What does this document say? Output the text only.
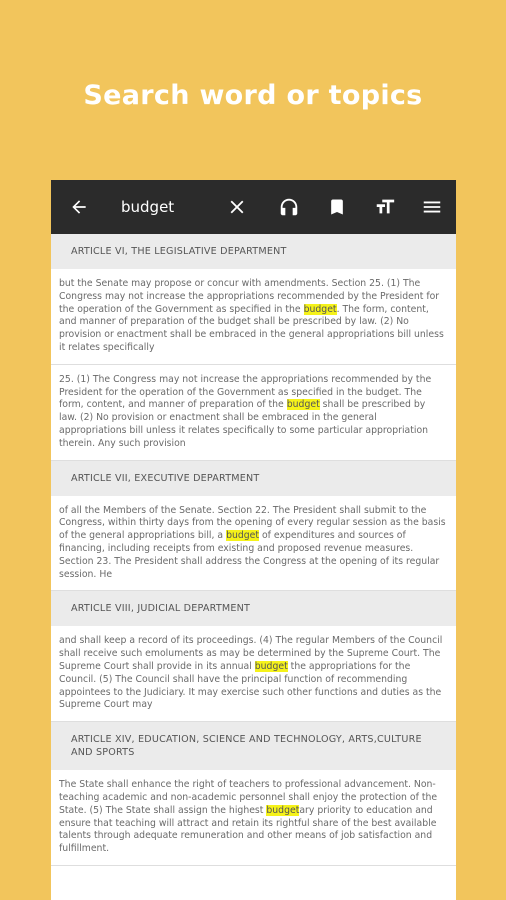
Search word or topics
budget
ARTICLE VI, THE LEGISLATIVE DEPARTMENT
but the Senate may propose or concur with amendments. Section 25. (1) The Congress may not increase the appropriations recommended by the President for the operation of the Government as specified in the budget. The form, content, and manner of preparation of the budget shall be prescribed by law. (2) No provision or enactment shall be embraced in the general appropriations bill unless it relates specifically
25. (1) The Congress may not increase the appropriations recommended by the President for the operation of the Government as specified in the budget. The form, content, and manner of preparation of the budget shall be prescribed by law. (2) No provision or enactment shall be embraced in the general appropriations bill unless it relates specifically to some particular appropriation therein. Any such provision
ARTICLE VII, EXECUTIVE DEPARTMENT
of all the Members of the Senate. Section 22. The President shall submit to the Congress, within thirty days from the opening of every regular session as the basis of the general appropriations bill, a budget of expenditures and sources of financing, including receipts from existing and proposed revenue measures. Section 23. The President shall address the Congress at the opening of its regular session. He
ARTICLE VIII, JUDICIAL DEPARTMENT
and shall keep a record of its proceedings. (4) The regular Members of the Council shall receive such emoluments as may be determined by the Supreme Court. The Supreme Court shall provide in its annual budget the appropriations for the Council. (5) The Council shall have the principal function of recommending appointees to the Judiciary. It may exercise such other functions and duties as the Supreme Court may
ARTICLE XIV, EDUCATION, SCIENCE AND TECHNOLOGY, ARTS,CULTURE AND SPORTS
The State shall enhance the right of teachers to professional advancement. Non-teaching academic and non-academic personnel shall enjoy the protection of the State. (5) The State shall assign the highest budgetary priority to education and ensure that teaching will attract and retain its rightful share of the best available talents through adequate remuneration and other means of job satisfaction and fulfillment.
